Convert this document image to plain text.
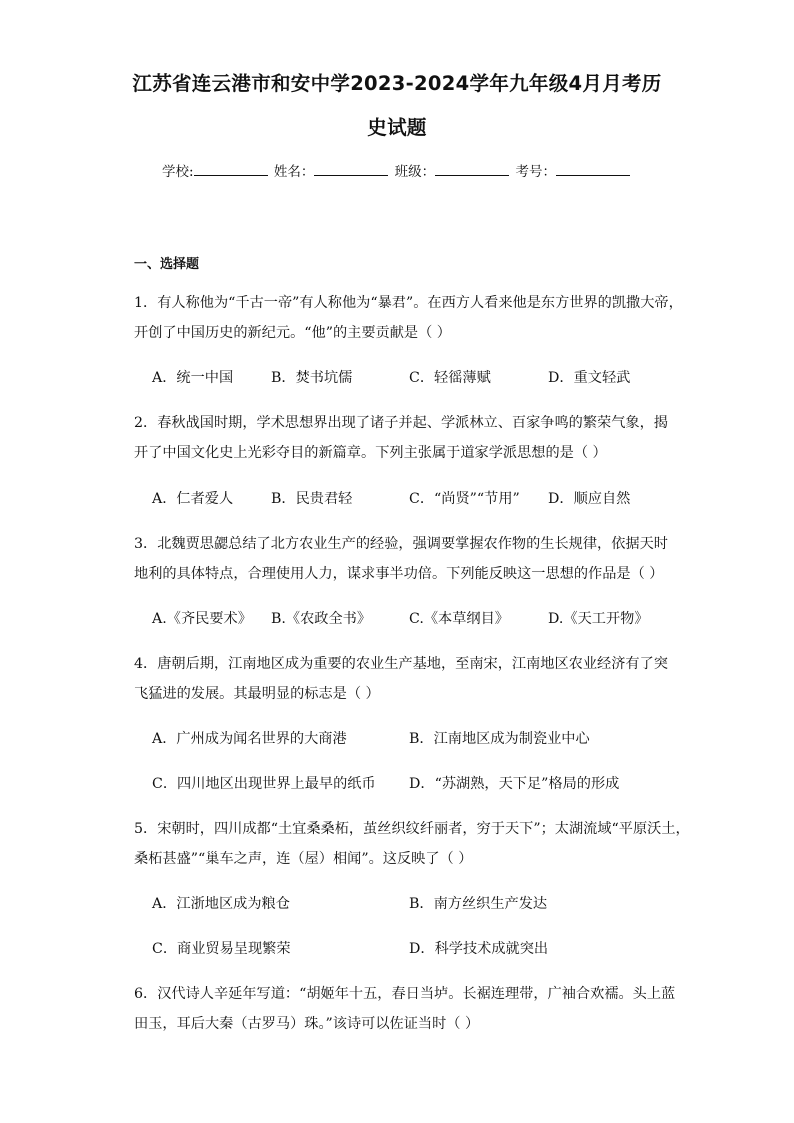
江苏省连云港市和安中学2023-2024学年九年级4月月考历
史试题
学校:	姓名：	班级：	考号：
一、选择题
1．有人称他为“千古一帝”有人称他为“暴君”。在西方人看来他是东方世界的凯撒大帝，
开创了中国历史的新纪元。“他”的主要贡献是（ ）
A．统一中国	B．焚书坑儒	C．轻徭薄赋	D．重文轻武
2．春秋战国时期，学术思想界出现了诸子并起、学派林立、百家争鸣的繁荣气象，揭
开了中国文化史上光彩夺目的新篇章。下列主张属于道家学派思想的是（ ）
A．仁者爱人	B．民贵君轻	C．“尚贤”“节用” D．顺应自然
3．北魏贾思勰总结了北方农业生产的经验，强调要掌握农作物的生长规律，依据天时
地利的具体特点，合理使用人力，谋求事半功倍。下列能反映这一思想的作品是（ ）
A.《齐民要术》 B.《农政全书》	C.《本草纲目》	D.《天工开物》
4．唐朝后期，江南地区成为重要的农业生产基地，至南宋，江南地区农业经济有了突
飞猛进的发展。其最明显的标志是（ ）
A．广州成为闻名世界的大商港	B．江南地区成为制瓷业中心
C．四川地区出现世界上最早的纸币 D．“苏湖熟，天下足”格局的形成
5．宋朝时，四川成都“土宜桑桑柘，茧丝织纹纤丽者，穷于天下”；太湖流域“平原沃土，
桑柘甚盛”“巢车之声，连（屋）相闻”。这反映了（ ）
A．江浙地区成为粮仓	B．南方丝织生产发达
C．商业贸易呈现繁荣	D．科学技术成就突出
6．汉代诗人辛延年写道：“胡姬年十五，春日当垆。长裾连理带，广袖合欢襦。头上蓝
田玉，耳后大秦（古罗马）珠。”该诗可以佐证当时（ ）
